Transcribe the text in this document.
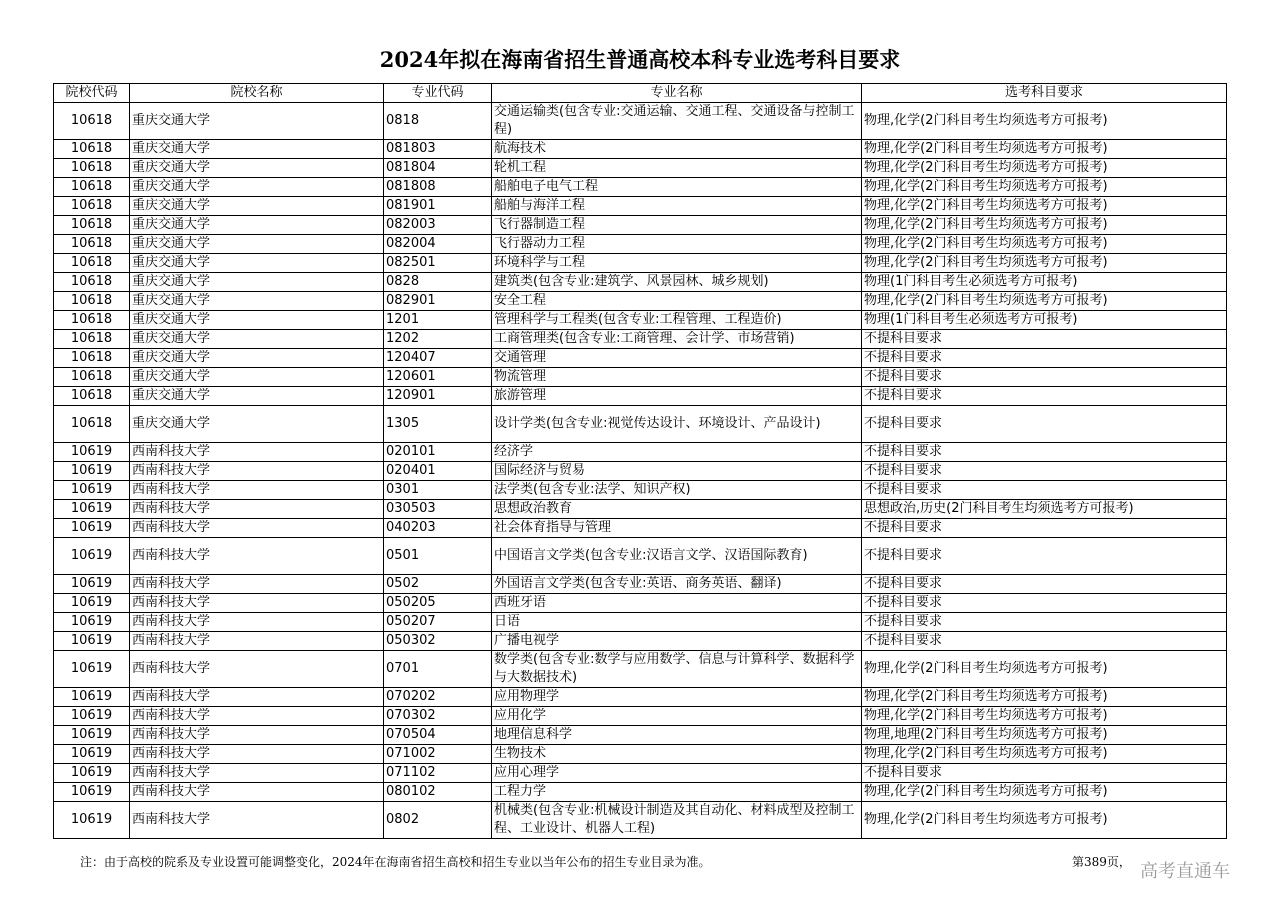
2024年拟在海南省招生普通高校本科专业选考科目要求
院校代码	院校名称	专业代码	专业名称	选考科目要求
10618	重庆交通大学	0818	交通运输类(包含专业:交通运输、交通工程、交通设备与控制工程)	物理,化学(2门科目考生均须选考方可报考)
10618	重庆交通大学	081803	航海技术	物理,化学(2门科目考生均须选考方可报考)
10618	重庆交通大学	081804	轮机工程	物理,化学(2门科目考生均须选考方可报考)
10618	重庆交通大学	081808	船舶电子电气工程	物理,化学(2门科目考生均须选考方可报考)
10618	重庆交通大学	081901	船舶与海洋工程	物理,化学(2门科目考生均须选考方可报考)
10618	重庆交通大学	082003	飞行器制造工程	物理,化学(2门科目考生均须选考方可报考)
10618	重庆交通大学	082004	飞行器动力工程	物理,化学(2门科目考生均须选考方可报考)
10618	重庆交通大学	082501	环境科学与工程	物理,化学(2门科目考生均须选考方可报考)
10618	重庆交通大学	0828	建筑类(包含专业:建筑学、风景园林、城乡规划)	物理(1门科目考生必须选考方可报考)
10618	重庆交通大学	082901	安全工程	物理,化学(2门科目考生均须选考方可报考)
10618	重庆交通大学	1201	管理科学与工程类(包含专业:工程管理、工程造价)	物理(1门科目考生必须选考方可报考)
10618	重庆交通大学	1202	工商管理类(包含专业:工商管理、会计学、市场营销)	不提科目要求
10618	重庆交通大学	120407	交通管理	不提科目要求
10618	重庆交通大学	120601	物流管理	不提科目要求
10618	重庆交通大学	120901	旅游管理	不提科目要求
10618	重庆交通大学	1305	设计学类(包含专业:视觉传达设计、环境设计、产品设计)	不提科目要求
10619	西南科技大学	020101	经济学	不提科目要求
10619	西南科技大学	020401	国际经济与贸易	不提科目要求
10619	西南科技大学	0301	法学类(包含专业:法学、知识产权)	不提科目要求
10619	西南科技大学	030503	思想政治教育	思想政治,历史(2门科目考生均须选考方可报考)
10619	西南科技大学	040203	社会体育指导与管理	不提科目要求
10619	西南科技大学	0501	中国语言文学类(包含专业:汉语言文学、汉语国际教育)	不提科目要求
10619	西南科技大学	0502	外国语言文学类(包含专业:英语、商务英语、翻译)	不提科目要求
10619	西南科技大学	050205	西班牙语	不提科目要求
10619	西南科技大学	050207	日语	不提科目要求
10619	西南科技大学	050302	广播电视学	不提科目要求
10619	西南科技大学	0701	数学类(包含专业:数学与应用数学、信息与计算科学、数据科学与大数据技术)	物理,化学(2门科目考生均须选考方可报考)
10619	西南科技大学	070202	应用物理学	物理,化学(2门科目考生均须选考方可报考)
10619	西南科技大学	070302	应用化学	物理,化学(2门科目考生均须选考方可报考)
10619	西南科技大学	070504	地理信息科学	物理,地理(2门科目考生均须选考方可报考)
10619	西南科技大学	071002	生物技术	物理,化学(2门科目考生均须选考方可报考)
10619	西南科技大学	071102	应用心理学	不提科目要求
10619	西南科技大学	080102	工程力学	物理,化学(2门科目考生均须选考方可报考)
10619	西南科技大学	0802	机械类(包含专业:机械设计制造及其自动化、材料成型及控制工程、工业设计、机器人工程)	物理,化学(2门科目考生均须选考方可报考)
注：由于高校的院系及专业设置可能调整变化，2024年在海南省招生高校和招生专业以当年公布的招生专业目录为准。	第389页， 高考直通车
